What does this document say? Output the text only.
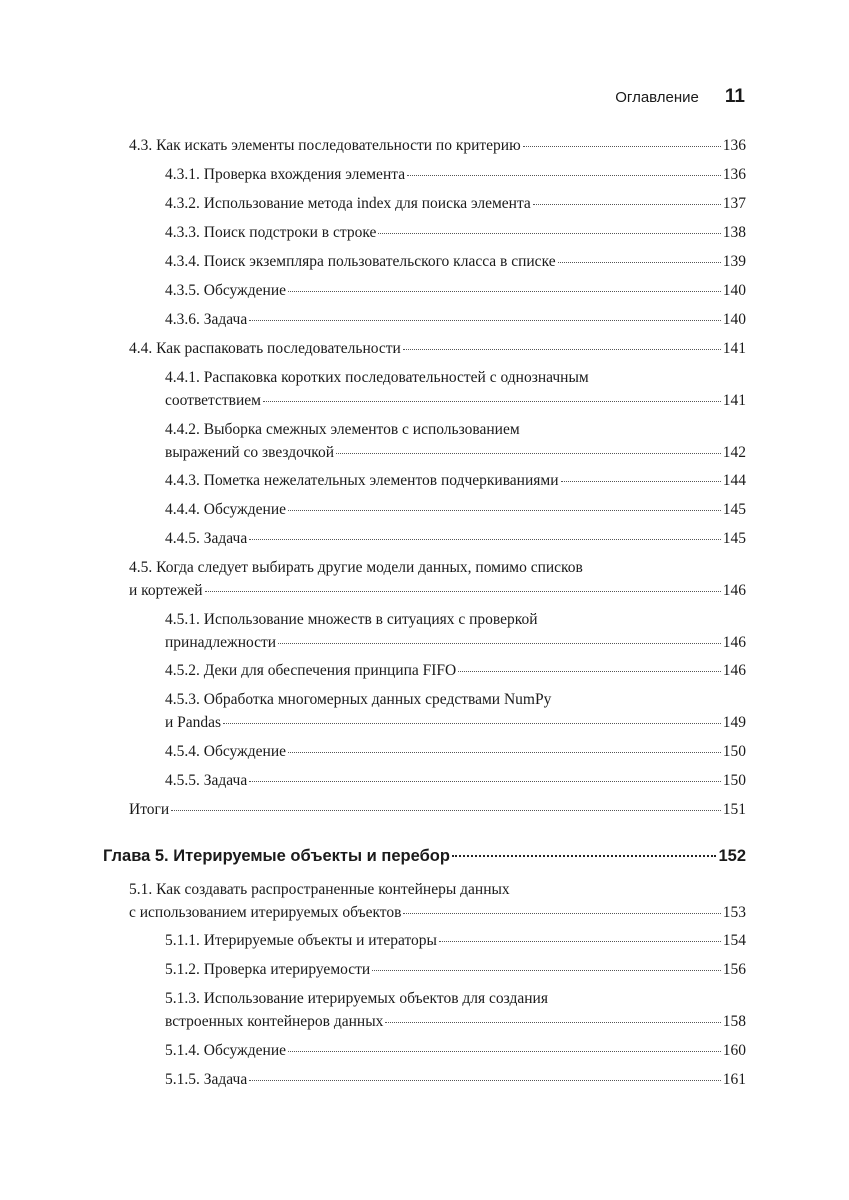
Оглавление 11
4.3. Как искать элементы последовательности по критерию	136
4.3.1. Проверка вхождения элемента	136
4.3.2. Использование метода index для поиска элемента	137
4.3.3. Поиск подстроки в строке	138
4.3.4. Поиск экземпляра пользовательского класса в списке	139
4.3.5. Обсуждение	140
4.3.6. Задача	140
4.4. Как распаковать последовательности	141
4.4.1. Распаковка коротких последовательностей с однозначным
соответствием	141
4.4.2. Выборка смежных элементов с использованием
выражений со звездочкой	142
4.4.3. Пометка нежелательных элементов подчеркиваниями	144
4.4.4. Обсуждение	145
4.4.5. Задача	145
4.5. Когда следует выбирать другие модели данных, помимо списков
и кортежей	146
4.5.1. Использование множеств в ситуациях с проверкой
принадлежности	146
4.5.2. Деки для обеспечения принципа FIFO	146
4.5.3. Обработка многомерных данных средствами NumPy
и Pandas	149
4.5.4. Обсуждение	150
4.5.5. Задача	150
Итоги	151
Глава 5. Итерируемые объекты и перебор	152
5.1. Как создавать распространенные контейнеры данных
с использованием итерируемых объектов	153
5.1.1. Итерируемые объекты и итераторы	154
5.1.2. Проверка итерируемости	156
5.1.3. Использование итерируемых объектов для создания
встроенных контейнеров данных	158
5.1.4. Обсуждение	160
5.1.5. Задача	161
